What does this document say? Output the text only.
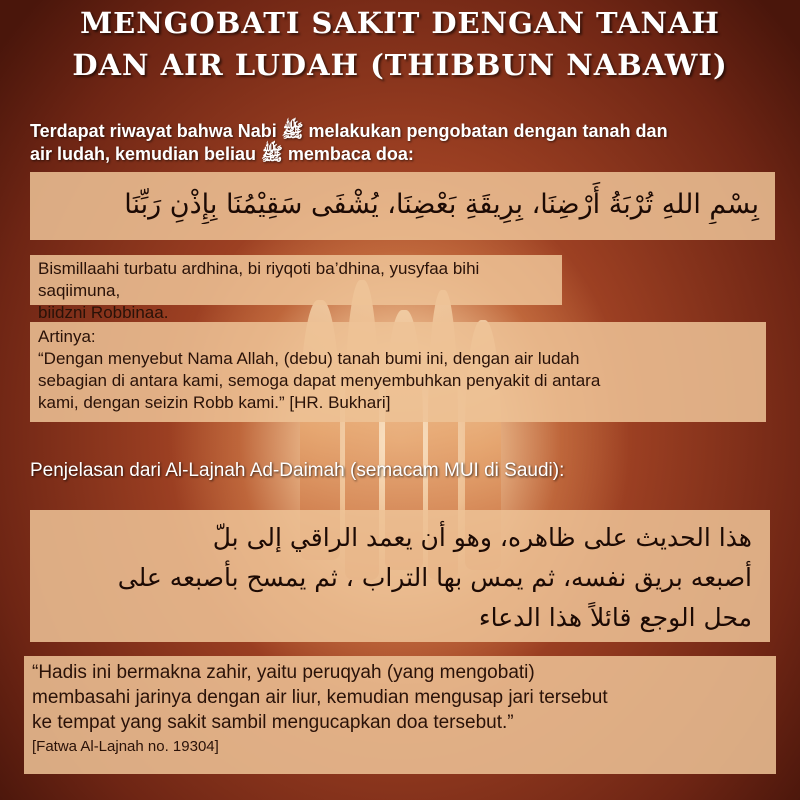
MENGOBATI SAKIT DENGAN TANAH
DAN AIR LUDAH (THIBBUN NABAWI)
Terdapat riwayat bahwa Nabi ﷺ melakukan pengobatan dengan tanah dan
air ludah, kemudian beliau ﷺ membaca doa:
بِسْمِ اللهِ تُرْبَةُ أَرْضِنَا، بِرِيقَةِ بَعْضِنَا، يُشْفَى سَقِيْمُنَا بِإِذْنِ رَبِّنَا
Bismillaahi turbatu ardhina, bi riyqoti ba’dhina, yusyfaa bihi saqiimuna,
biidzni Robbinaa.
Artinya:
“Dengan menyebut Nama Allah, (debu) tanah bumi ini, dengan air ludah
sebagian di antara kami, semoga dapat menyembuhkan penyakit di antara
kami, dengan seizin Robb kami.” [HR. Bukhari]
Penjelasan dari Al-Lajnah Ad-Daimah (semacam MUI di Saudi):
هذا الحديث على ظاهره، وهو أن يعمد الراقي إلى بلّ
أصبعه بريق نفسه، ثم يمس بها التراب ، ثم يمسح بأصبعه على
محل الوجع قائلاً هذا الدعاء
“Hadis ini bermakna zahir, yaitu peruqyah (yang mengobati)
membasahi jarinya dengan air liur, kemudian mengusap jari tersebut
ke tempat yang sakit sambil mengucapkan doa tersebut.”
[Fatwa Al-Lajnah no. 19304]
